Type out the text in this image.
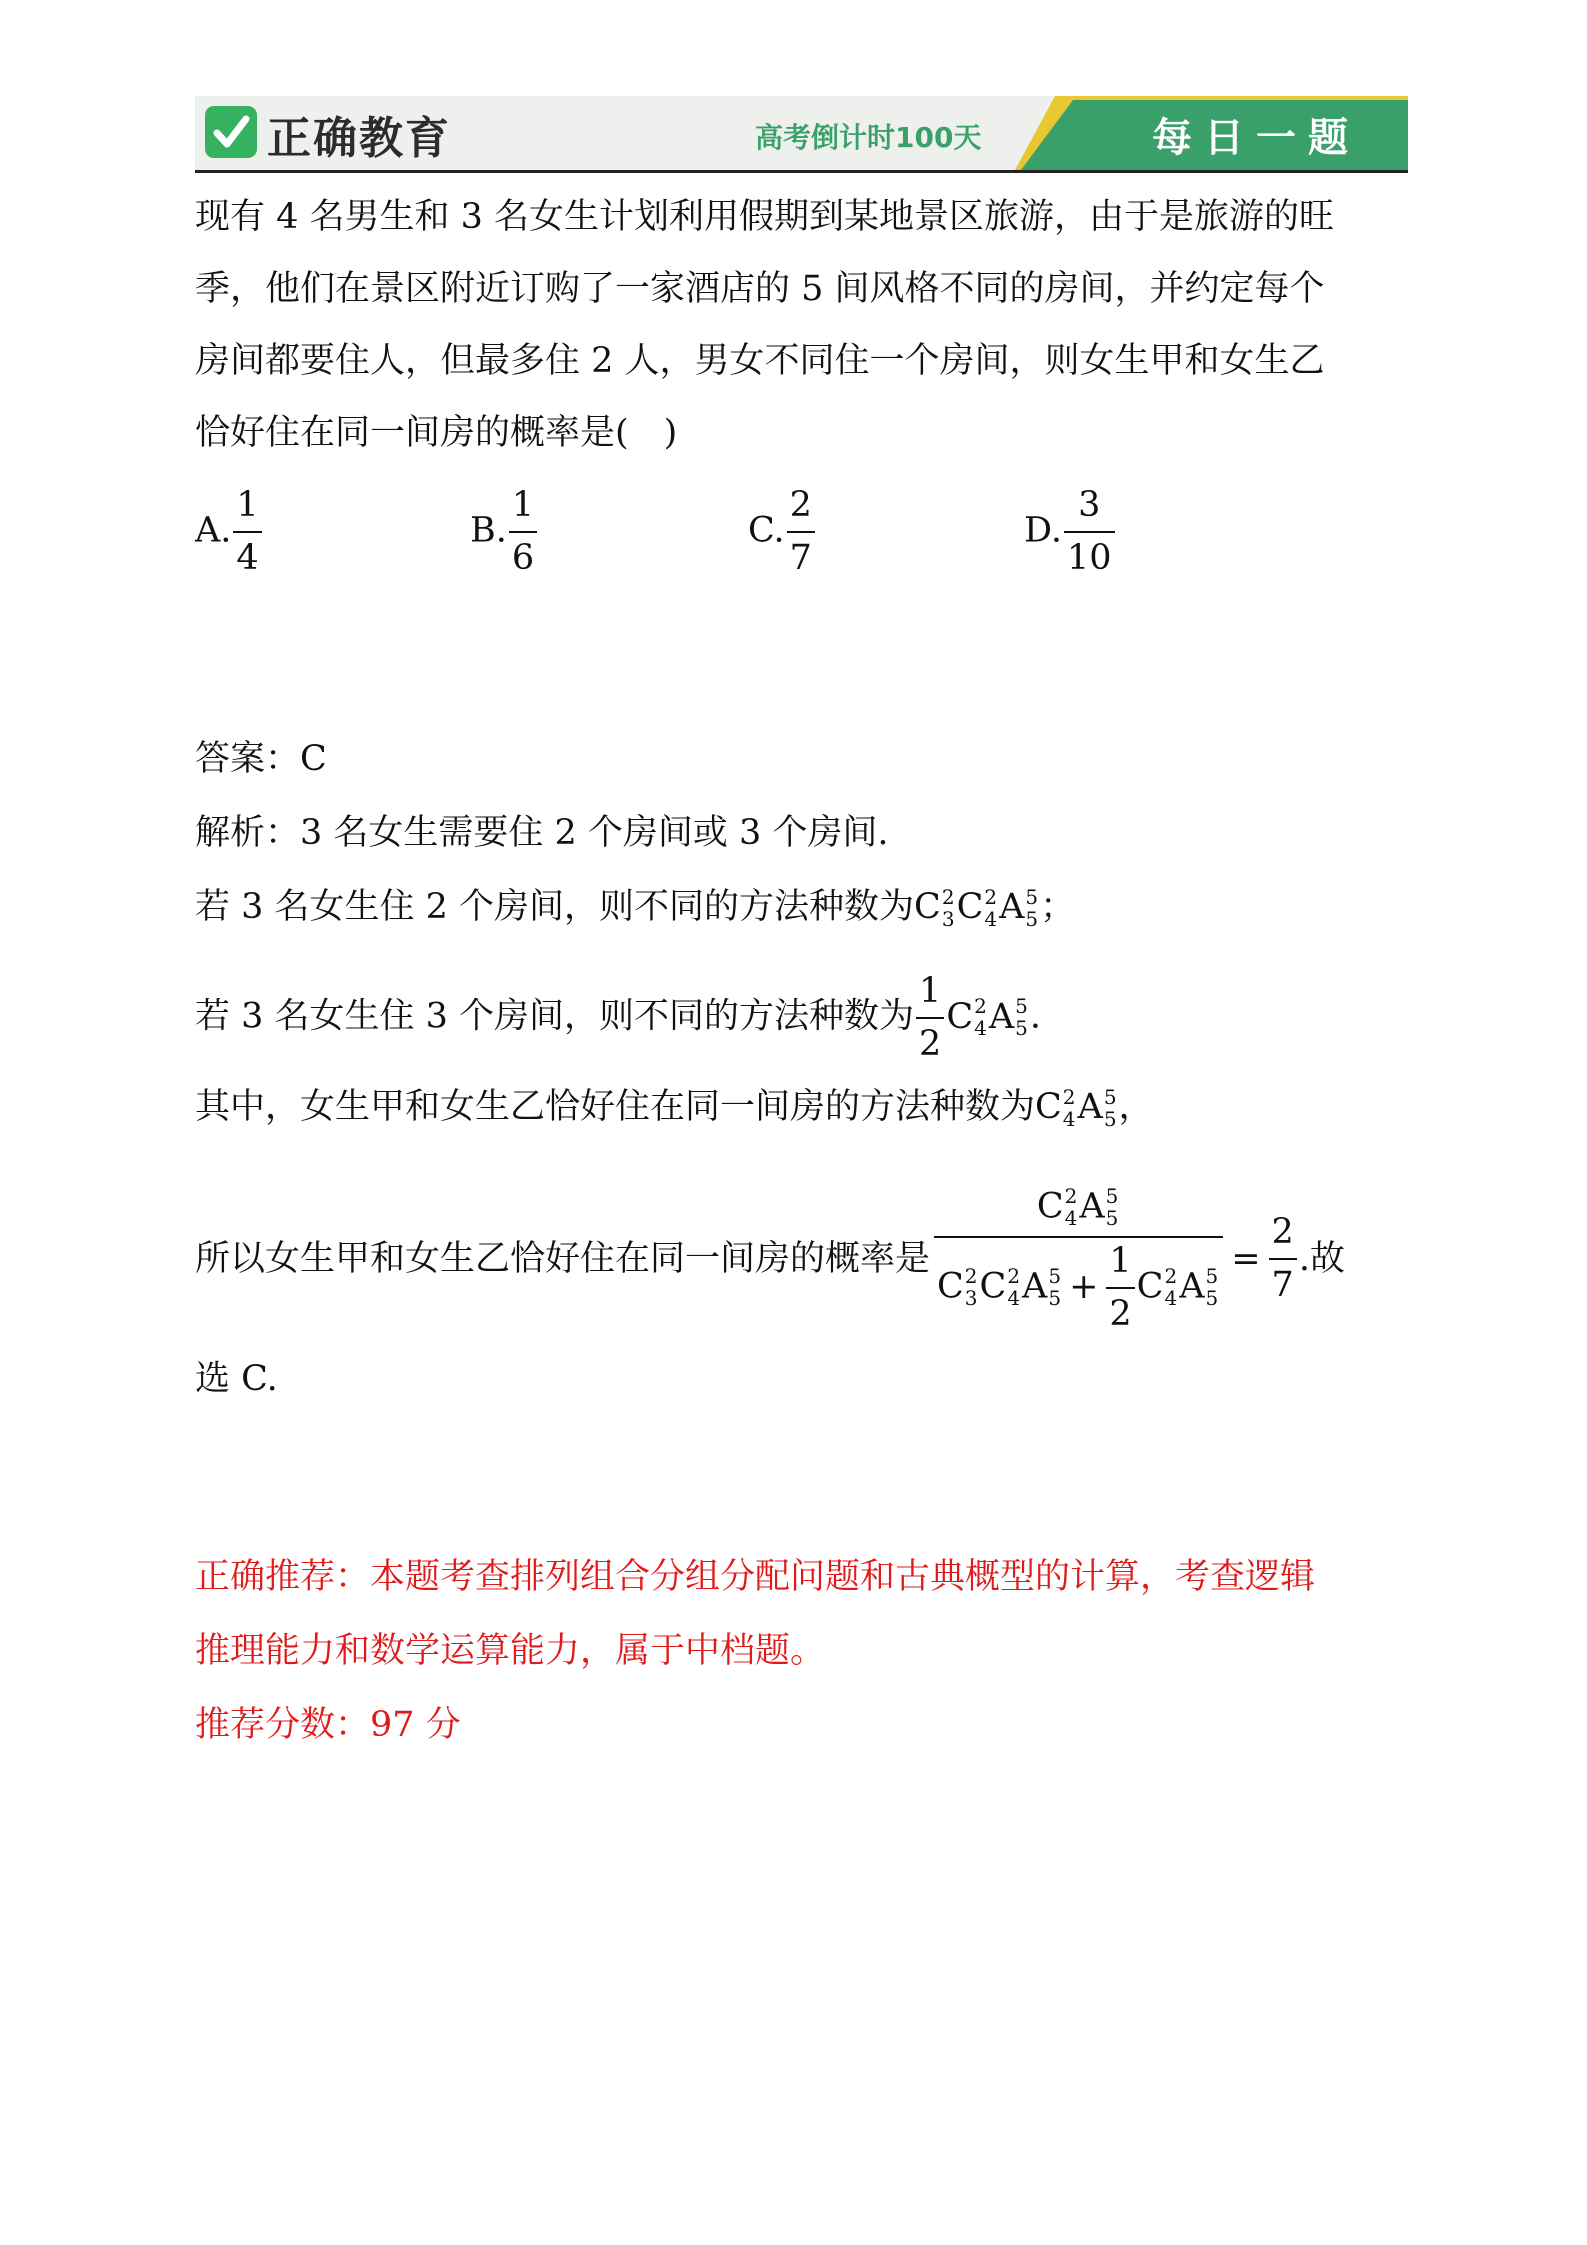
正确教育	高考倒计时100天	每日一题
现有 4 名男生和 3 名女生计划利用假期到某地景区旅游，由于是旅游的旺
季，他们在景区附近订购了一家酒店的 5 间风格不同的房间，并约定每个
房间都要住人，但最多住 2 人，男女不同住一个房间，则女生甲和女生乙
恰好住在同一间房的概率是(　)
A. $\frac{1}{4}$	B. $\frac{1}{6}$	C. $\frac{2}{7}$	D. $\frac{3}{10}$
答案：C
解析：3 名女生需要住 2 个房间或 3 个房间.
若 3 名女生住 2 个房间，则不同的方法种数为C 2
3 C 2
4 A 5
5 ；
若 3 名女生住 3 个房间，则不同的方法种数为 $\frac{1}{2}$ C 2
4 A 5
5 .
其中，女生甲和女生乙恰好住在同一间房的方法种数为C 2
4 A 5
5 ，
所以女生甲和女生乙恰好住在同一间房的概率是 C 2
4 A 5
5
C 2
3 C 2
4 A 5
$5 + \frac{1}{2}$ C 2
4 A 5
$5 = \frac{2}{7}$ .故
选 C.
正确推荐：本题考查排列组合分组分配问题和古典概型的计算，考查逻辑
推理能力和数学运算能力，属于中档题。
推荐分数：97 分
